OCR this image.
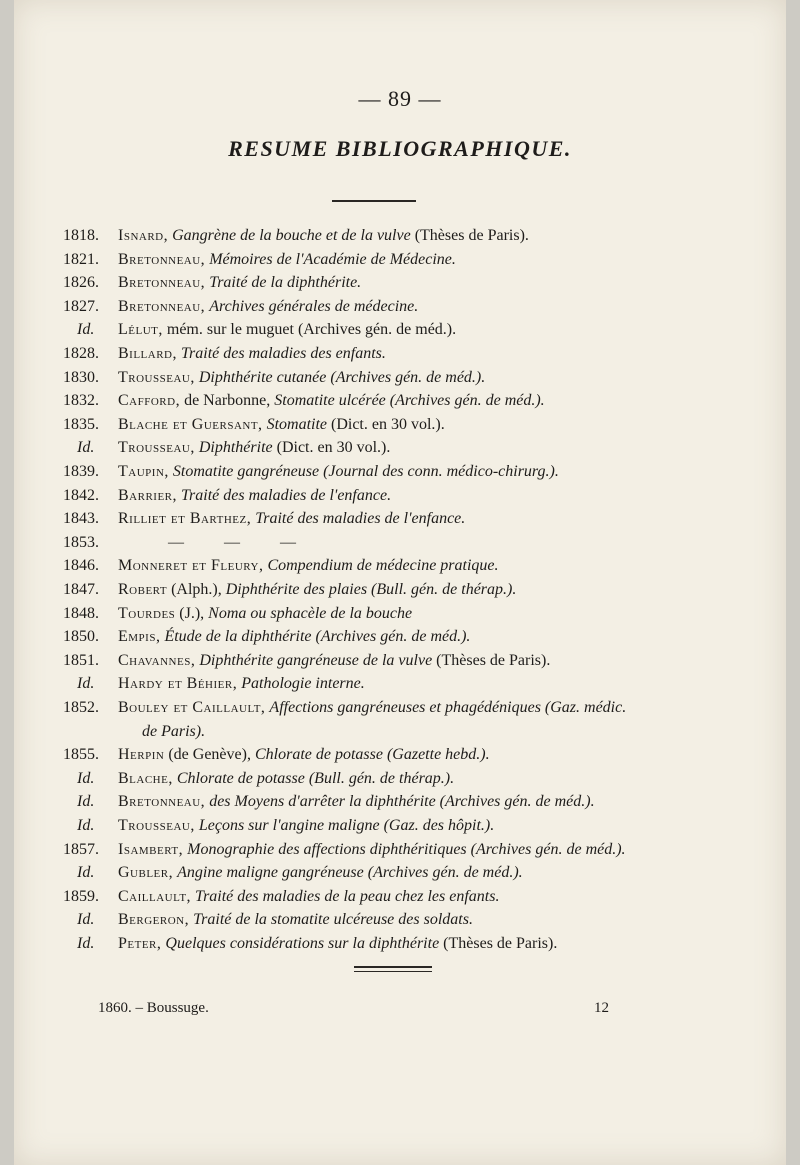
— 89 —
RESUME BIBLIOGRAPHIQUE.
1818.	Isnard, Gangrène de la bouche et de la vulve (Thèses de Paris).
1821.	Bretonneau, Mémoires de l'Académie de Médecine.
1826.	Bretonneau, Traité de la diphthérite.
1827.	Bretonneau, Archives générales de médecine.
Id.	Lélut, mém. sur le muguet (Archives gén. de méd.).
1828.	Billard, Traité des maladies des enfants.
1830.	Trousseau, Diphthérite cutanée (Archives gén. de méd.).
1832.	Cafford, de Narbonne, Stomatite ulcérée (Archives gén. de méd.).
1835.	Blache et Guersant, Stomatite (Dict. en 30 vol.).
Id.	Trousseau, Diphthérite (Dict. en 30 vol.).
1839.	Taupin, Stomatite gangréneuse (Journal des conn. médico-chirurg.).
1842.	Barrier, Traité des maladies de l'enfance.
1843.	Rilliet et Barthez, Traité des maladies de l'enfance.
1853.	—          —          —
1846.	Monneret et Fleury, Compendium de médecine pratique.
1847.	Robert (Alph.), Diphthérite des plaies (Bull. gén. de thérap.).
1848.	Tourdes (J.), Noma ou sphacèle de la bouche
1850.	Empis, Étude de la diphthérite (Archives gén. de méd.).
1851.	Chavannes, Diphthérite gangréneuse de la vulve (Thèses de Paris).
Id.	Hardy et Béhier, Pathologie interne.
1852.	Bouley et Caillault, Affections gangréneuses et phagédéniques (Gaz. médic.
de Paris).
1855.	Herpin (de Genève), Chlorate de potasse (Gazette hebd.).
Id.	Blache, Chlorate de potasse (Bull. gén. de thérap.).
Id.	Bretonneau, des Moyens d'arrêter la diphthérite (Archives gén. de méd.).
Id.	Trousseau, Leçons sur l'angine maligne (Gaz. des hôpit.).
1857.	Isambert, Monographie des affections diphthéritiques (Archives gén. de méd.).
Id.	Gubler, Angine maligne gangréneuse (Archives gén. de méd.).
1859.	Caillault, Traité des maladies de la peau chez les enfants.
Id.	Bergeron, Traité de la stomatite ulcéreuse des soldats.
Id.	Peter, Quelques considérations sur la diphthérite (Thèses de Paris).
1860. – Boussuge.	12
